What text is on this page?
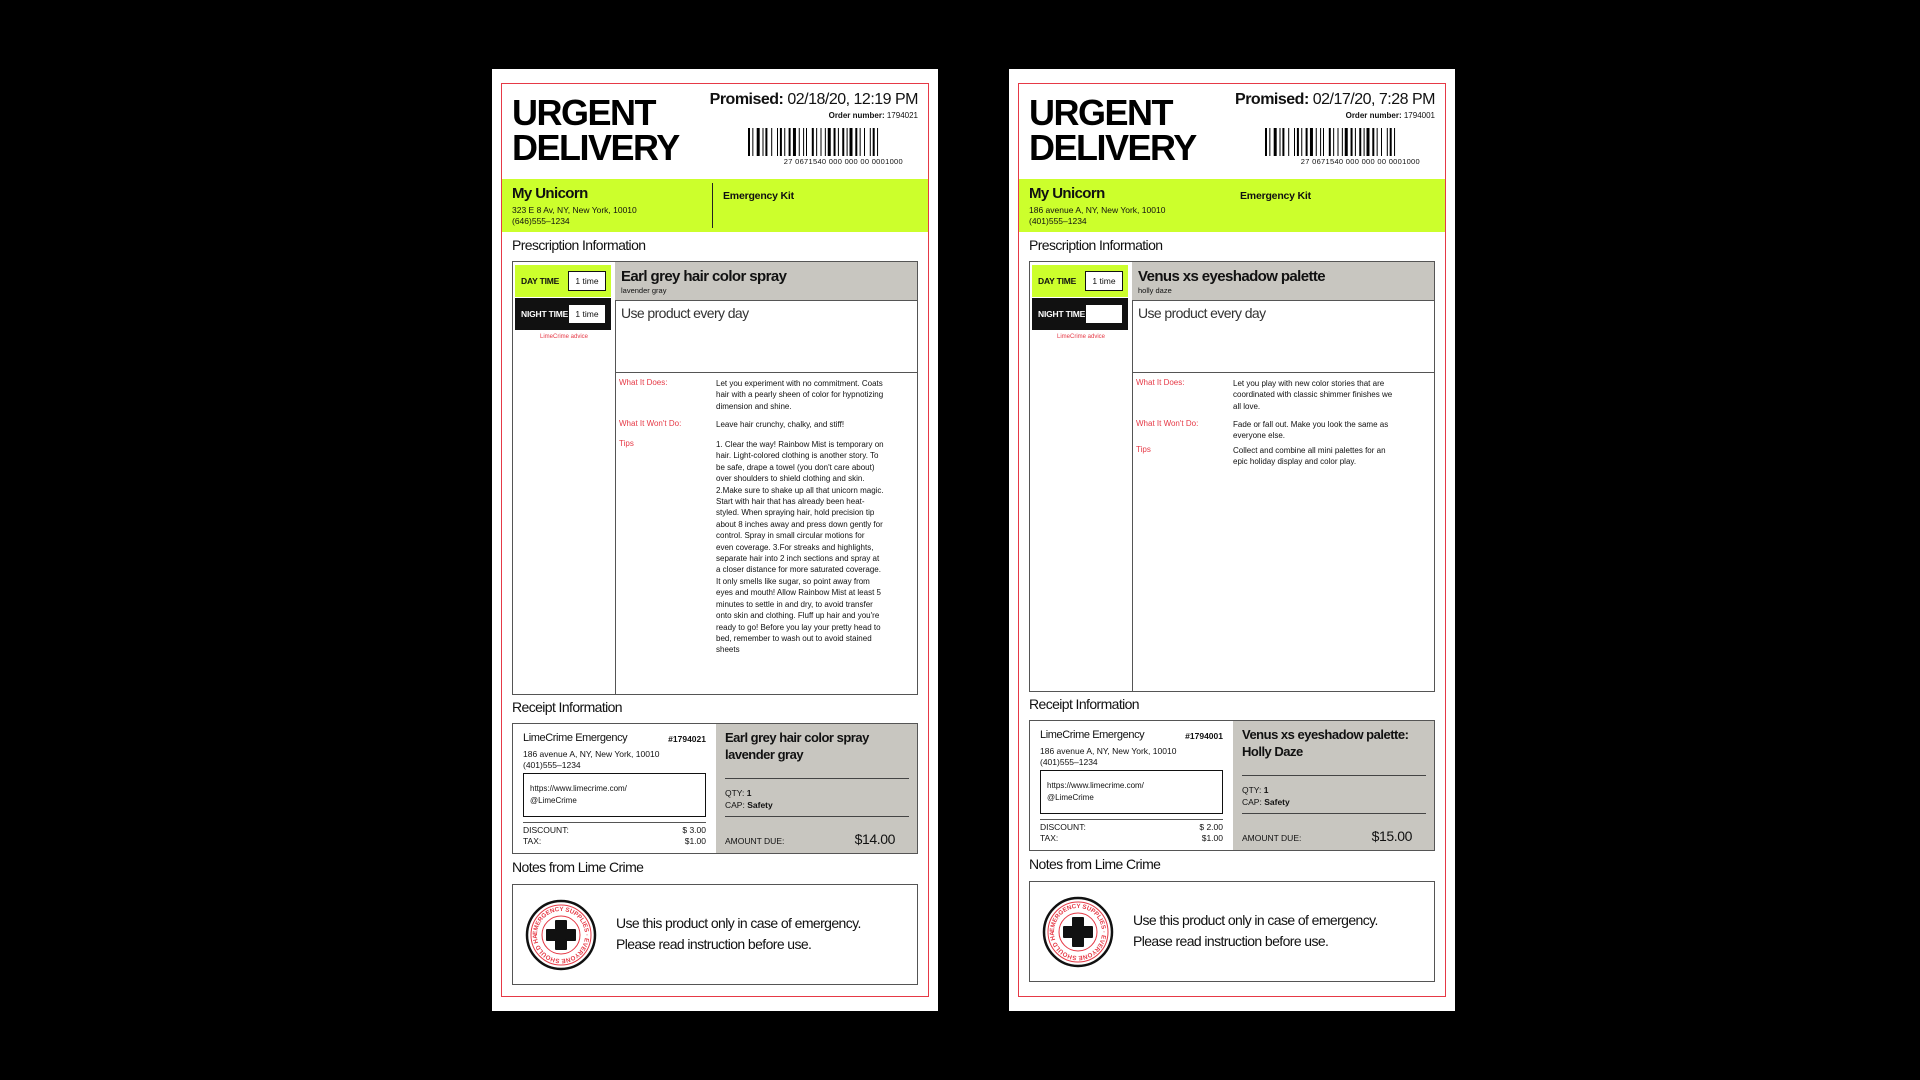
URGENT
DELIVERY
Promised: 02/18/20, 12:19 PM
Order number: 1794021
27 0671540 000 000 00 0001000
My Unicorn
323 E 8 Av, NY, New York, 10010
(646)555–1234
Emergency Kit
Prescription Information
DAY TIME	1 time
NIGHT TIME 1 time
LimeCrime advice
Earl grey hair color spray
lavender gray
Use product every day
What It Does:	Let you experiment with no commitment. Coats hair with a pearly sheen of color for hypnotizing dimension and shine.
What It Won't Do:	Leave hair crunchy, chalky, and stiff!
Tips	1. Clear the way! Rainbow Mist is temporary on hair. Light-colored clothing is another story. To be safe, drape a towel (you don't care about) over shoulders to shield clothing and skin. 2.Make sure to shake up all that unicorn magic. Start with hair that has already been heat-styled. When spraying hair, hold precision tip about 8 inches away and press down gently for control. Spray in small circular motions for even coverage. 3.For streaks and highlights, separate hair into 2 inch sections and spray at a closer distance for more saturated coverage. It only smells like sugar, so point away from eyes and mouth! Allow Rainbow Mist at least 5 minutes to settle in and dry, to avoid transfer onto skin and clothing. Fluff up hair and you're ready to go! Before you lay your pretty head to bed, remember to wash out to avoid stained sheets
Receipt Information
LimeCrime Emergency	#1794021
186 avenue A, NY, New York, 10010
(401)555–1234
https://www.limecrime.com/
@LimeCrime
DISCOUNT:	$ 3.00
TAX:	$1.00
Earl grey hair color spray lavender gray
QTY: 1
CAP: Safety
AMOUNT DUE:	$14.00
Notes from Lime Crime
EMERGENCY SUPPLIES · EVERYONE SHOULD HA
Use this product only in case of emergency. Please read instruction before use.
URGENT
DELIVERY
Promised: 02/17/20, 7:28 PM
Order number: 1794001
27 0671540 000 000 00 0001000
My Unicorn
186 avenue A, NY, New York, 10010
(401)555–1234
Emergency Kit
Prescription Information
DAY TIME	1 time
NIGHT TIME
LimeCrime advice
Venus xs eyeshadow palette
holly daze
Use product every day
What It Does:	Let you play with new color stories that are coordinated with classic shimmer finishes we all love.
What It Won't Do:	Fade or fall out. Make you look the same as everyone else.
Tips	Collect and combine all mini palettes for an epic holiday display and color play.
Receipt Information
LimeCrime Emergency	#1794001
186 avenue A, NY, New York, 10010
(401)555–1234
https://www.limecrime.com/
@LimeCrime
DISCOUNT:	$ 2.00
TAX:	$1.00
Venus xs eyeshadow palette: Holly Daze
QTY: 1
CAP: Safety
AMOUNT DUE:	$15.00
Notes from Lime Crime
EMERGENCY SUPPLIES · EVERYONE SHOULD HA
Use this product only in case of emergency. Please read instruction before use.
